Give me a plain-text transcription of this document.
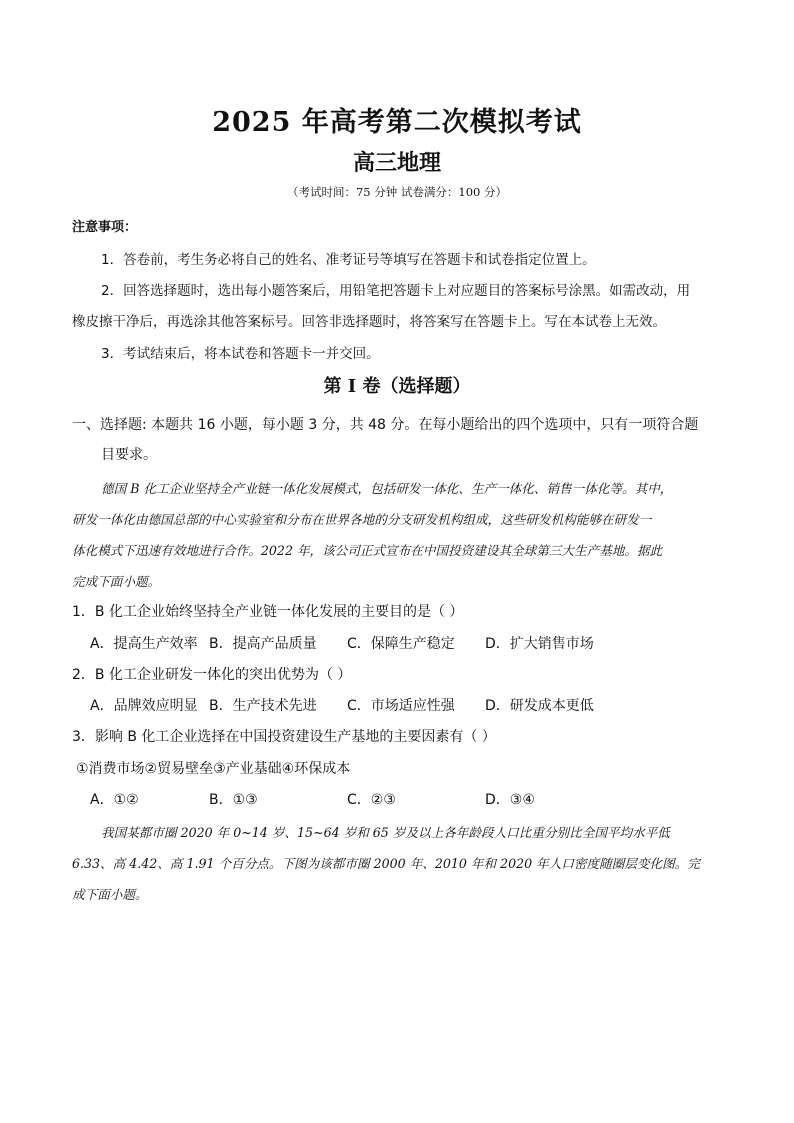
2025 年高考第二次模拟考试
高三地理
（考试时间：75 分钟 试卷满分：100 分）
注意事项：
1．答卷前，考生务必将自己的姓名、准考证号等填写在答题卡和试卷指定位置上。
2．回答选择题时，选出每小题答案后，用铅笔把答题卡上对应题目的答案标号涂黑。如需改动，用
橡皮擦干净后，再选涂其他答案标号。回答非选择题时，将答案写在答题卡上。写在本试卷上无效。
3．考试结束后，将本试卷和答题卡一并交回。
第 I 卷（选择题）
一、选择题: 本题共 16 小题，每小题 3 分，共 48 分。在每小题给出的四个选项中，只有一项符合题
目要求。
德国 B 化工企业坚持全产业链一体化发展模式，包括研发一体化、生产一体化、销售一体化等。其中，
研发一体化由德国总部的中心实验室和分布在世界各地的分支研发机构组成，这些研发机构能够在研发一
体化模式下迅速有效地进行合作。2022 年，该公司正式宣布在中国投资建设其全球第三大生产基地。据此
完成下面小题。
1．B 化工企业始终坚持全产业链一体化发展的主要目的是（ ）
A．提高生产效率 B．提高产品质量 C．保障生产稳定 D．扩大销售市场
2．B 化工企业研发一体化的突出优势为（ ）
A．品牌效应明显 B．生产技术先进 C．市场适应性强 D．研发成本更低
3．影响 B 化工企业选择在中国投资建设生产基地的主要因素有（ ）
①消费市场②贸易壁垒③产业基础④环保成本
A．①②	B．①③	C．②③	D．③④
我国某都市圈 2020 年 0~14 岁、15~64 岁和 65 岁及以上各年龄段人口比重分别比全国平均水平低
6.33、高 4.42、高 1.91 个百分点。下图为该都市圈 2000 年、2010 年和 2020 年人口密度随圈层变化图。完
成下面小题。
